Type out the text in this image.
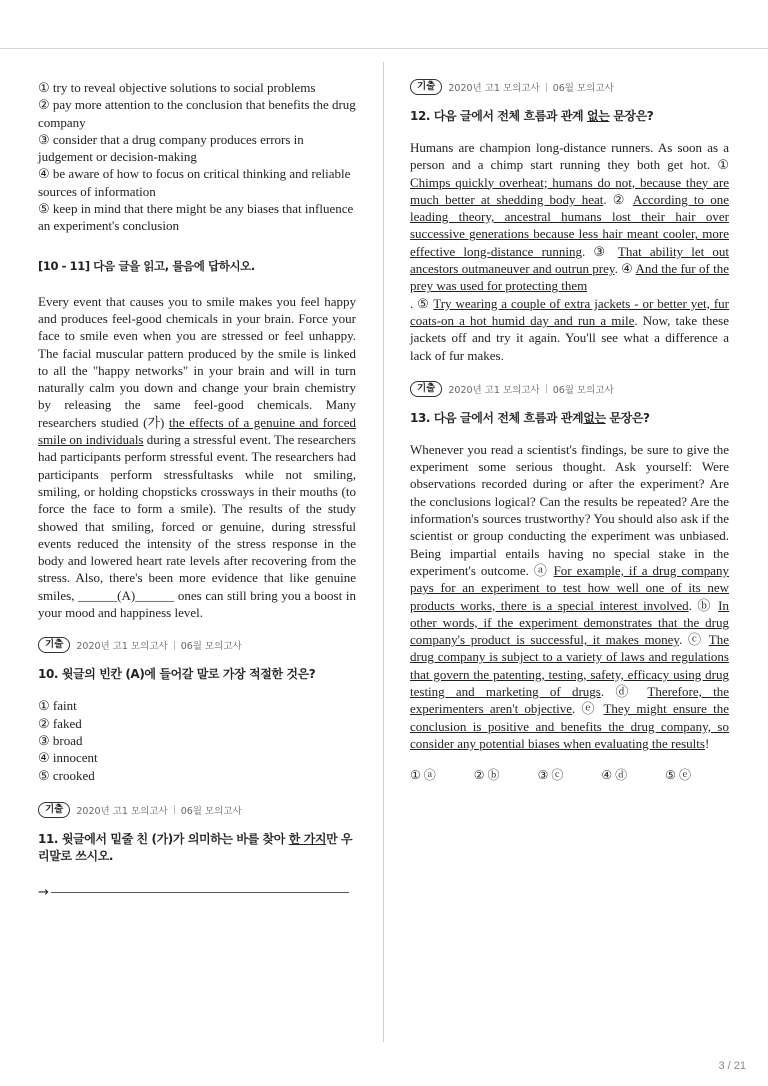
① try to reveal objective solutions to social problems
② pay more attention to the conclusion that benefits the drug company
③ consider that a drug company produces errors in judgement or decision-making
④ be aware of how to focus on critical thinking and reliable sources of information
⑤ keep in mind that there might be any biases that influence an experiment's conclusion
[10 - 11] 다음 글을 읽고, 물음에 답하시오.

Every event that causes you to smile makes you feel happy and produces feel-good chemicals in your brain. Force your face to smile even when you are stressed or feel unhappy. The facial muscular pattern produced by the smile is linked to all the "happy networks" in your brain and will in turn naturally calm you down and change your brain chemistry by releasing the same feel-good chemicals. Many researchers studied (가) the effects of a genuine and forced smile on individuals during a stressful event. The researchers had participants perform stressful event. The researchers had participants perform stressfultasks while not smiling, smiling, or holding chopsticks crossways in their mouths (to force the face to form a smile). The results of the study showed that smiling, forced or genuine, during stressful events reduced the intensity of the stress response in the body and lowered heart rate levels after recovering from the stress. Also, there's been more evidence that like genuine smiles, ______(A)______ ones can still bring you a boost in your mood and happiness level.

기출	2020년 고1 모의고사 06월 모의고사
10. 윗글의 빈칸 (A)에 들어갈 말로 가장 적절한 것은?
① faint
② faked
③ broad
④ innocent
⑤ crooked
기출	2020년 고1 모의고사 06월 모의고사
11. 윗글에서 밑줄 친 (가)가 의미하는 바를 찾아 한 가지만 우리말로 쓰시오.
→
기출	2020년 고1 모의고사 06월 모의고사
12. 다음 글에서 전체 흐름과 관계 없는 문장은?

Humans are champion long-distance runners. As soon as a person and a chimp start running they both get hot. ① Chimps quickly overheat; humans do not, because they are much better at shedding body heat. ② According to one leading theory, ancestral humans lost their hair over successive generations because less hair meant cooler, more effective long-distance running. ③ That ability let out ancestors outmaneuver and outrun prey. ④ And the fur of the prey was used for protecting them
. ⑤ Try wearing a couple of extra jackets - or better yet, fur coats-on a hot humid day and run a mile. Now, take these jackets off and try it again. You'll see what a difference a lack of fur makes.

기출	2020년 고1 모의고사 06월 모의고사
13. 다음 글에서 전체 흐름과 관계없는 문장은?

Whenever you read a scientist's findings, be sure to give the experiment some serious thought. Ask yourself: Were observations recorded during or after the experiment? Are the conclusions logical? Can the results be repeated? Are the information's sources trustworthy? You should also ask if the scientist or group conducting the experiment was unbiased. Being impartial entails having no special stake in the experiment's outcome. ⓐ For example, if a drug company pays for an experiment to test how well one of its new products works, there is a special interest involved. ⓑ In other words, if the experiment demonstrates that the drug company's product is successful, it makes money. ⓒ The drug company is subject to a variety of laws and regulations that govern the patenting, testing, safety, efficacy using drug testing and marketing of drugs. ⓓ Therefore, the experimenters aren't objective. ⓔ They might ensure the conclusion is positive and benefits the drug company, so consider any potential biases when evaluating the results!

① ⓐ	② ⓑ	③ ⓒ	④ ⓓ	⑤ ⓔ
3 / 21
